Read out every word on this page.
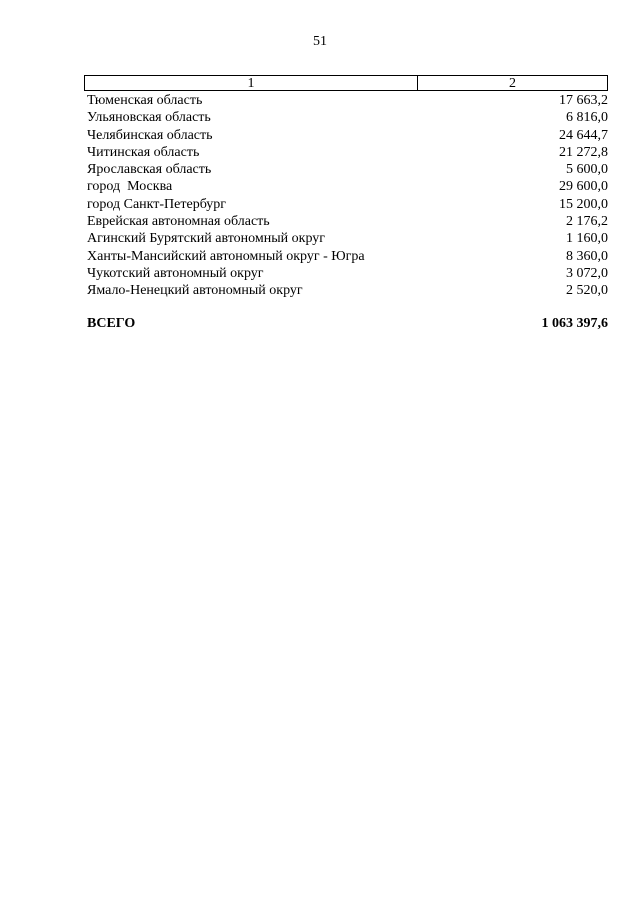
51
1	2
Тюменская область	17 663,2
Ульяновская область	6 816,0
Челябинская область	24 644,7
Читинская область	21 272,8
Ярославская область	5 600,0
город  Москва	29 600,0
город Санкт-Петербург	15 200,0
Еврейская автономная область	2 176,2
Агинский Бурятский автономный округ	1 160,0
Ханты-Мансийский автономный округ - Югра	8 360,0
Чукотский автономный округ	3 072,0
Ямало-Ненецкий автономный округ	2 520,0
ВСЕГО	1 063 397,6
